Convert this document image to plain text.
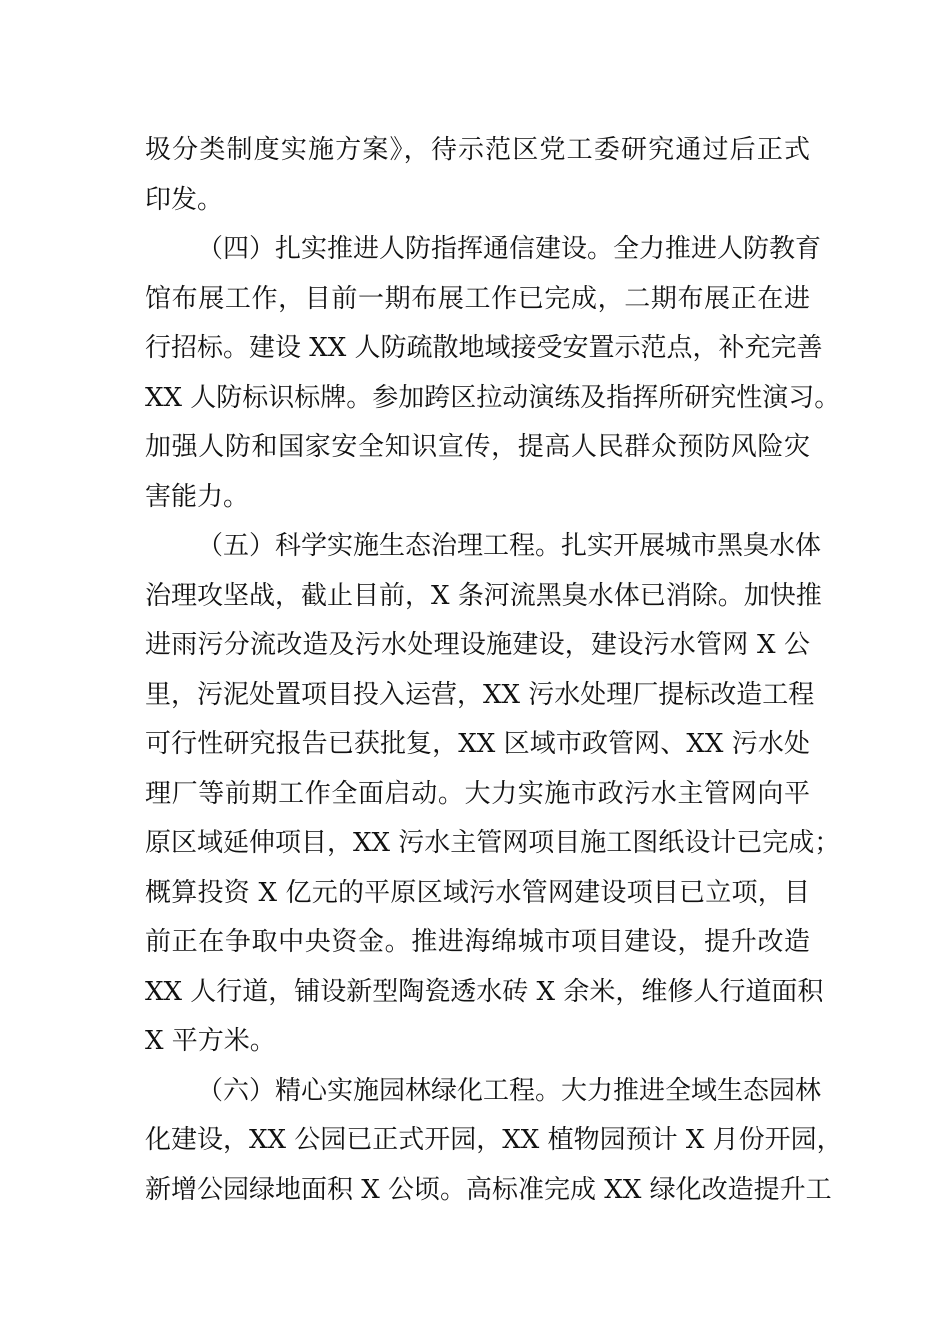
圾分类制度实施方案》，待示范区党工委研究通过后正式
印发。
（四）扎实推进人防指挥通信建设。全力推进人防教育
馆布展工作，目前一期布展工作已完成，二期布展正在进
行招标。建设 XX 人防疏散地域接受安置示范点，补充完善
XX 人防标识标牌。参加跨区拉动演练及指挥所研究性演习。
加强人防和国家安全知识宣传，提高人民群众预防风险灾
害能力。
（五）科学实施生态治理工程。扎实开展城市黑臭水体
治理攻坚战，截止目前，X 条河流黑臭水体已消除。加快推
进雨污分流改造及污水处理设施建设，建设污水管网 X 公
里，污泥处置项目投入运营，XX 污水处理厂提标改造工程
可行性研究报告已获批复，XX 区域市政管网、XX 污水处
理厂等前期工作全面启动。大力实施市政污水主管网向平
原区域延伸项目，XX 污水主管网项目施工图纸设计已完成；
概算投资 X 亿元的平原区域污水管网建设项目已立项，目
前正在争取中央资金。推进海绵城市项目建设，提升改造
XX 人行道，铺设新型陶瓷透水砖 X 余米，维修人行道面积
X 平方米。
（六）精心实施园林绿化工程。大力推进全域生态园林
化建设，XX 公园已正式开园，XX 植物园预计 X 月份开园，
新增公园绿地面积 X 公顷。高标准完成 XX 绿化改造提升工
